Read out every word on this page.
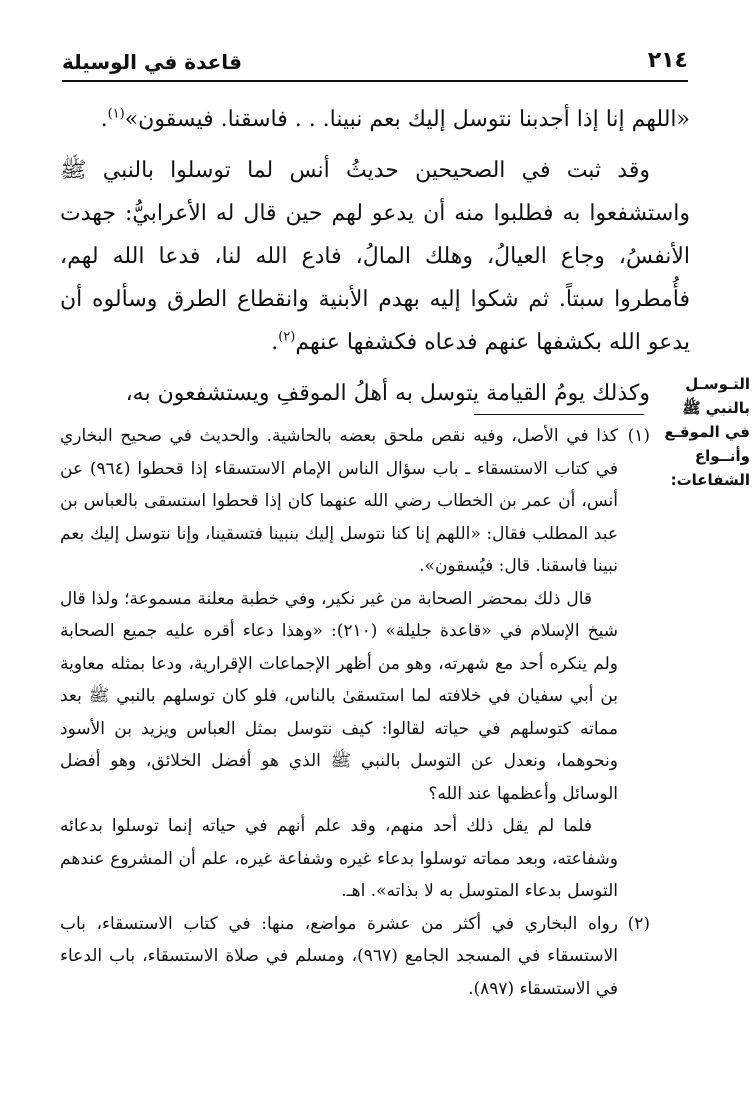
قاعدة في الوسيلة	٢١٤

«اللهم إنا إذا أجدبنا نتوسل إليك بعم نبينا. . . فاسقنا. فيسقون»$^{(١)}$.

وقد ثبت في الصحيحين حديثُ أنس لما توسلوا بالنبي ﷺ واستشفعوا به فطلبوا منه أن يدعو لهم حين قال له الأعرابيُّ: جهدت الأنفسُ، وجاع العيالُ، وهلك المالُ، فادع الله لنا، فدعا الله لهم، فأُمطروا سبتاً. ثم شكوا إليه بهدم الأبنية وانقطاع الطرق وسألوه أن يدعو الله بكشفها عنهم فدعاه فكشفها عنهم$^{(٢)}$.

وكذلك يومُ القيامة يتوسل به أهلُ الموقفِ ويستشفعون به،	التـوسـل
بالنبي ﷺ
في الموقـع
وأنــواع
الشفاعات:
(١)

كذا في الأصل، وفيه نقص ملحق بعضه بالحاشية. والحديث في صحيح البخاري في كتاب الاستسقاء ـ باب سؤال الناس الإمام الاستسقاء إذا قحطوا (٩٦٤) عن أنس، أن عمر بن الخطاب رضي الله عنهما كان إذا قحطوا استسقى بالعباس بن عبد المطلب فقال: «اللهم إنا كنا نتوسل إليك بنبينا فتسقينا، وإنا نتوسل إليك بعم نبينا فاسقنا. قال: فيُسقون».

قال ذلك بمحضر الصحابة من غير نكير، وفي خطبة معلنة مسموعة؛ ولذا قال شيخ الإسلام في «قاعدة جليلة» (٢١٠): «وهذا دعاء أقره عليه جميع الصحابة ولم ينكره أحد مع شهرته، وهو من أظهر الإجماعات الإقرارية، ودعا بمثله معاوية بن أبي سفيان في خلافته لما استسقىٰ بالناس، فلو كان توسلهم بالنبي ﷺ بعد مماته كتوسلهم في حياته لقالوا: كيف نتوسل بمثل العباس ويزيد بن الأسود ونحوهما، ونعدل عن التوسل بالنبي ﷺ الذي هو أفضل الخلائق، وهو أفضل الوسائل وأعظمها عند الله؟

فلما لم يقل ذلك أحد منهم، وقد علم أنهم في حياته إنما توسلوا بدعائه وشفاعته، وبعد مماته توسلوا بدعاء غيره وشفاعة غيره، علم أن المشروع عندهم التوسل بدعاء المتوسل به لا بذاته». اهـ.

(٢)

رواه البخاري في أكثر من عشرة مواضع، منها: في كتاب الاستسقاء، باب الاستسقاء في المسجد الجامع (٩٦٧)، ومسلم في صلاة الاستسقاء، باب الدعاء في الاستسقاء (٨٩٧).
